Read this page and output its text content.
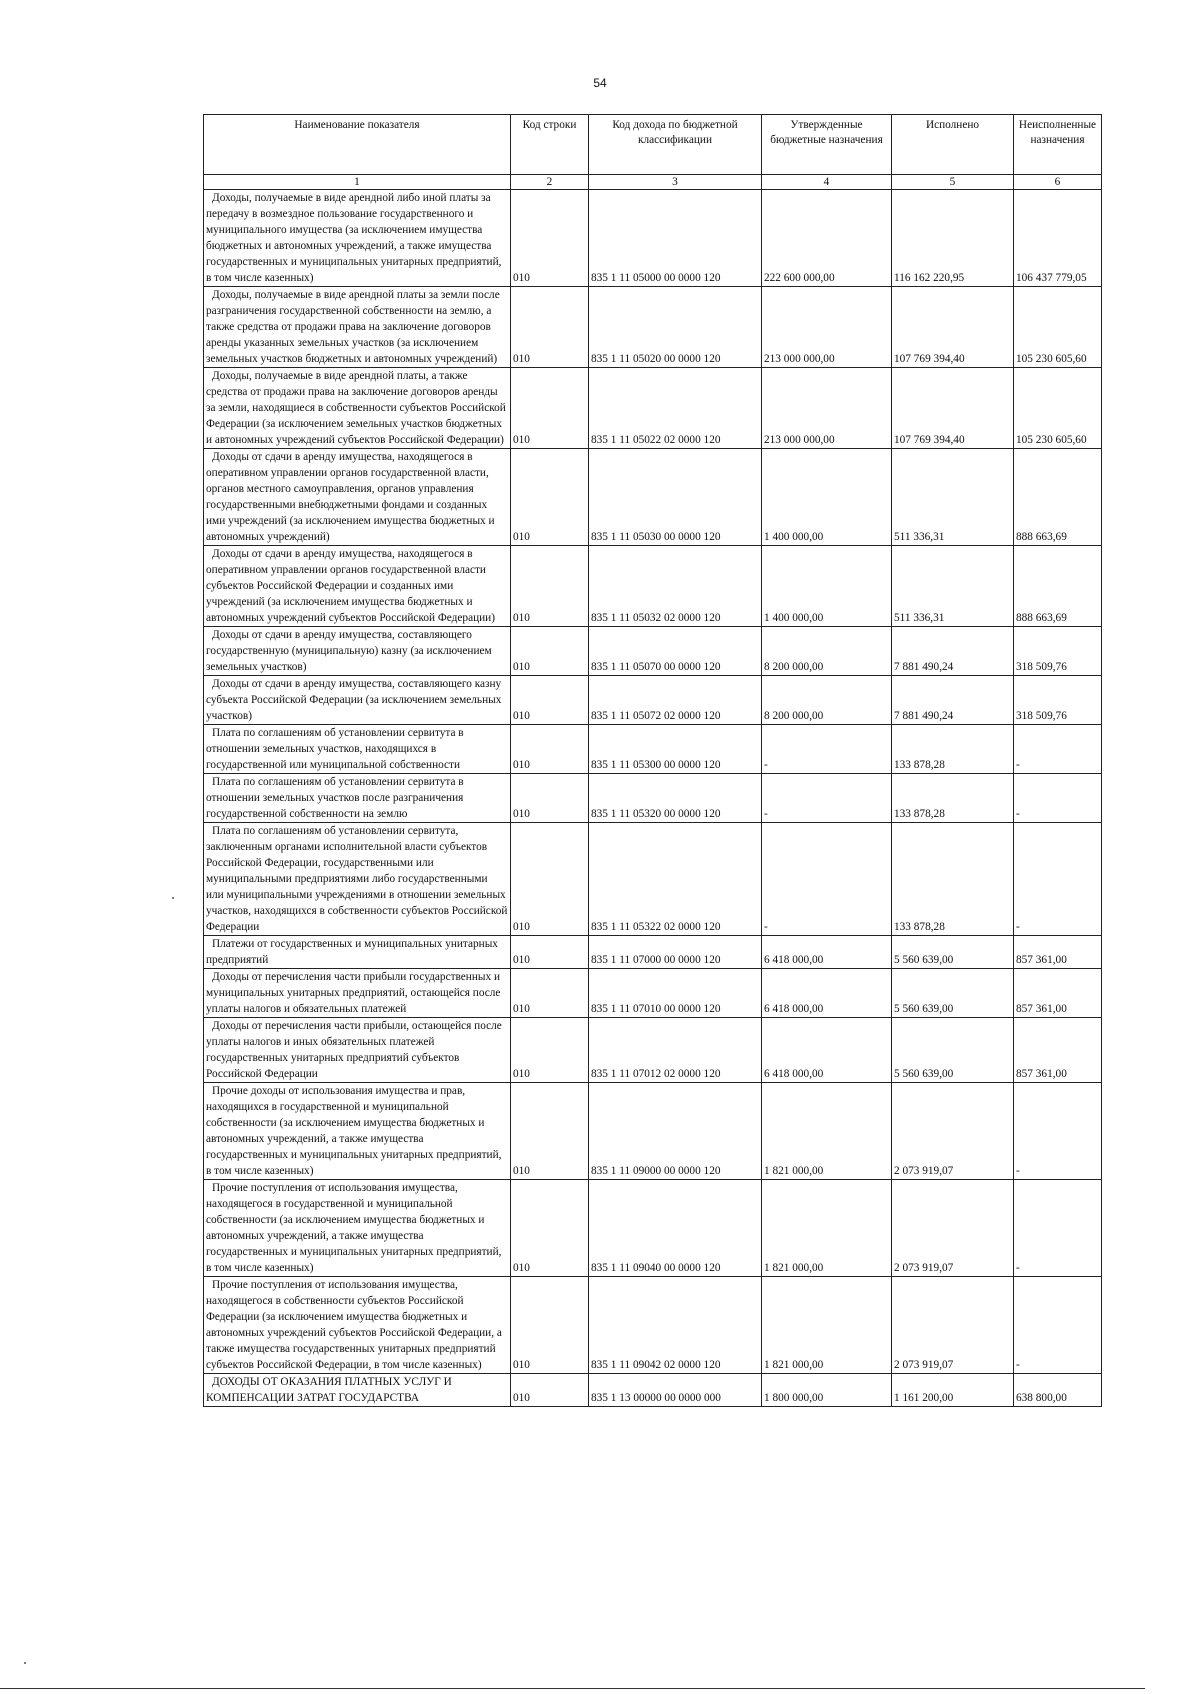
54
Наименование показателя	Код строки	Код дохода по бюджетной классификации	Утвержденные бюджетные назначения	Исполнено	Неисполненные назначения
1	2	3	4	5	6
Доходы, получаемые в виде арендной либо иной платы за передачу в возмездное пользование государственного и муниципального имущества (за исключением имущества бюджетных и автономных учреждений, а также имущества государственных и муниципальных унитарных предприятий, в том числе казенных)	010	835 1 11 05000 00 0000 120	222 600 000,00	116 162 220,95	106 437 779,05
Доходы, получаемые в виде арендной платы за земли после разграничения государственной собственности на землю, а также средства от продажи права на заключение договоров аренды указанных земельных участков (за исключением земельных участков бюджетных и автономных учреждений)	010	835 1 11 05020 00 0000 120	213 000 000,00	107 769 394,40	105 230 605,60
Доходы, получаемые в виде арендной платы, а также средства от продажи права на заключение договоров аренды за земли, находящиеся в собственности субъектов Российской Федерации (за исключением земельных участков бюджетных и автономных учреждений субъектов Российской Федерации)	010	835 1 11 05022 02 0000 120	213 000 000,00	107 769 394,40	105 230 605,60
Доходы от сдачи в аренду имущества, находящегося в оперативном управлении органов государственной власти, органов местного самоуправления, органов управления государственными внебюджетными фондами и созданных ими учреждений (за исключением имущества бюджетных и автономных учреждений)	010	835 1 11 05030 00 0000 120	1 400 000,00	511 336,31	888 663,69
Доходы от сдачи в аренду имущества, находящегося в оперативном управлении органов государственной власти субъектов Российской Федерации и созданных ими учреждений (за исключением имущества бюджетных и автономных учреждений субъектов Российской Федерации)	010	835 1 11 05032 02 0000 120	1 400 000,00	511 336,31	888 663,69
Доходы от сдачи в аренду имущества, составляющего государственную (муниципальную) казну (за исключением земельных участков)	010	835 1 11 05070 00 0000 120	8 200 000,00	7 881 490,24	318 509,76
Доходы от сдачи в аренду имущества, составляющего казну субъекта Российской Федерации (за исключением земельных участков)	010	835 1 11 05072 02 0000 120	8 200 000,00	7 881 490,24	318 509,76
Плата по соглашениям об установлении сервитута в отношении земельных участков, находящихся в государственной или муниципальной собственности	010	835 1 11 05300 00 0000 120	-	133 878,28	-
Плата по соглашениям об установлении сервитута в отношении земельных участков после разграничения государственной собственности на землю	010	835 1 11 05320 00 0000 120	-	133 878,28	-
Плата по соглашениям об установлении сервитута, заключенным органами исполнительной власти субъектов Российской Федерации, государственными или муниципальными предприятиями либо государственными или муниципальными учреждениями в отношении земельных участков, находящихся в собственности субъектов Российской Федерации	010	835 1 11 05322 02 0000 120	-	133 878,28	-
Платежи от государственных и муниципальных унитарных предприятий	010	835 1 11 07000 00 0000 120	6 418 000,00	5 560 639,00	857 361,00
Доходы от перечисления части прибыли государственных и муниципальных унитарных предприятий, остающейся после уплаты налогов и обязательных платежей	010	835 1 11 07010 00 0000 120	6 418 000,00	5 560 639,00	857 361,00
Доходы от перечисления части прибыли, остающейся после уплаты налогов и иных обязательных платежей государственных унитарных предприятий субъектов Российской Федерации	010	835 1 11 07012 02 0000 120	6 418 000,00	5 560 639,00	857 361,00
Прочие доходы от использования имущества и прав, находящихся в государственной и муниципальной собственности (за исключением имущества бюджетных и автономных учреждений, а также имущества государственных и муниципальных унитарных предприятий, в том числе казенных)	010	835 1 11 09000 00 0000 120	1 821 000,00	2 073 919,07	-
Прочие поступления от использования имущества, находящегося в государственной и муниципальной собственности (за исключением имущества бюджетных и автономных учреждений, а также имущества государственных и муниципальных унитарных предприятий, в том числе казенных)	010	835 1 11 09040 00 0000 120	1 821 000,00	2 073 919,07	-
Прочие поступления от использования имущества, находящегося в собственности субъектов Российской Федерации (за исключением имущества бюджетных и автономных учреждений субъектов Российской Федерации, а также имущества государственных унитарных предприятий субъектов Российской Федерации, в том числе казенных)	010	835 1 11 09042 02 0000 120	1 821 000,00	2 073 919,07	-
ДОХОДЫ ОТ ОКАЗАНИЯ ПЛАТНЫХ УСЛУГ И КОМПЕНСАЦИИ ЗАТРАТ ГОСУДАРСТВА	010	835 1 13 00000 00 0000 000	1 800 000,00	1 161 200,00	638 800,00
